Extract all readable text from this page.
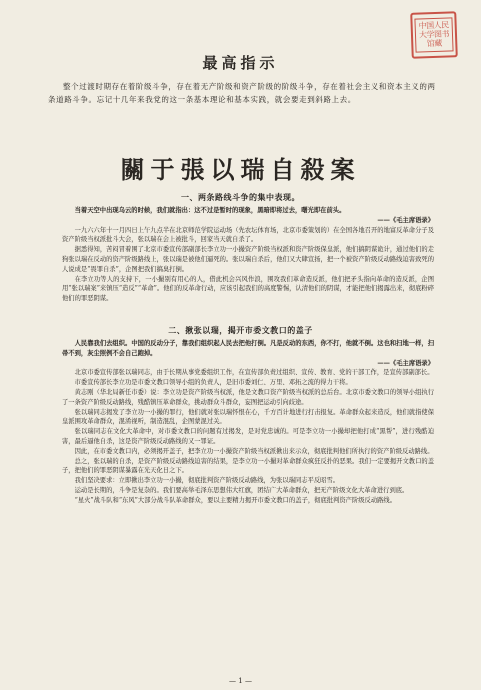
中国人民大学图书馆藏
最高指示
整个过渡时期存在着阶级斗争，存在着无产阶级和资产阶级的阶级斗争，存在着社会主义和资本主义的两条道路斗争。忘记十几年来我党的这一条基本理论和基本实践，就会要走到斜路上去。
關于張以瑞自殺案
一、两条路线斗争的集中表现。

当着天空中出现乌云的时候，我们就指出：这不过是暂时的现象，黑暗即将过去，曙光即在前头。

——《毛主席语录》

一九六六年十一月四日上午九点半在北京师范学院运动场（先农坛体育场，北京市委策划的）在全国各地召开的地富反革命分子及资产阶级当权派批斗大会，张以瑞在会上被批斗，回家当天就自杀了。

据悉得知，苦闷冒着围了北京市委宣传部副部长李立功一小撮资产阶级当权派和资产阶级保皇派，他们搞阴谋诡计，通过他们的走狗张以瑞在反动的资产阶级路线上，张以瑞是被他们逼死的。张以瑞自杀后，他们又大肆宣扬，把一个被资产阶级反动路线迫害致死的人说成是“畏罪自杀”，企图把我们搞臭打倒。

在李立功等人的支持下，一小撮别有用心的人，借此机会兴风作浪，围攻我们革命造反派，他们把矛头指向革命的造反派，企图用“张以瑞案”来镇压“造反”“革命”。他们的反革命行动，应该引起我们的高度警惕，认清他们的阴谋，才能把他们揭露出来，彻底粉碎他们的罪恶阴谋。

二、揪张以瑞，揭开市委文教口的盖子

人民靠我们去组织。中国的反动分子，靠我们组织起人民去把他打倒。凡是反动的东西，你不打，他就不倒。这也和扫地一样，扫帚不到，灰尘照例不会自己跑掉。

——《毛主席语录》

北京市委宣传部张以瑞同志，由于长期从事党委组织工作，在宣传部负责过组织、宣传、教育、党的干部工作，是宣传部副部长。

市委宣传部长李立功是市委文教口领导小组的负责人，是旧市委刘仁、万里、邓拓之流的得力干将。

黄志刚（华北局新任市委）说：李立功是资产阶级当权派，他是文教口资产阶级当权派的总后台。北京市委文教口的领导小组执行了一条资产阶级反动路线，残酷镇压革命群众，挑动群众斗群众，妄图把运动引向歧途。

张以瑞同志揭发了李立功一小撮的罪行，他们就对张以瑞怀恨在心，千方百计地进行打击报复。革命群众起来造反，他们就指使保皇派围攻革命群众，混淆视听，制造混乱，企图蒙混过关。

张以瑞同志在文化大革命中，对市委文教口的问题有过揭发，是对党忠诚的。可是李立功一小撮却把他打成“黑帮”，进行残酷迫害，最后逼他自杀，这是资产阶级反动路线的又一罪证。

因此，在市委文教口内，必须揭开盖子，把李立功一小撮资产阶级当权派揪出来示众，彻底批判他们所执行的资产阶级反动路线。

总之，张以瑞的自杀，是资产阶级反动路线迫害的结果，是李立功一小撮对革命群众疯狂反扑的恶果。我们一定要揭开文教口的盖子，把他们的罪恶阴谋暴露在光天化日之下。

我们坚决要求：立即揪出李立功一小撮，彻底批判资产阶级反动路线，为张以瑞同志平反昭雪。

运动是长期的，斗争是复杂的。我们要高举毛泽东思想伟大红旗，团结广大革命群众，把无产阶级文化大革命进行到底。

“星火”战斗队和“东风”大部分战斗队革命群众，要以主要精力揭开市委文教口的盖子，彻底批判资产阶级反动路线。

— 1 —
